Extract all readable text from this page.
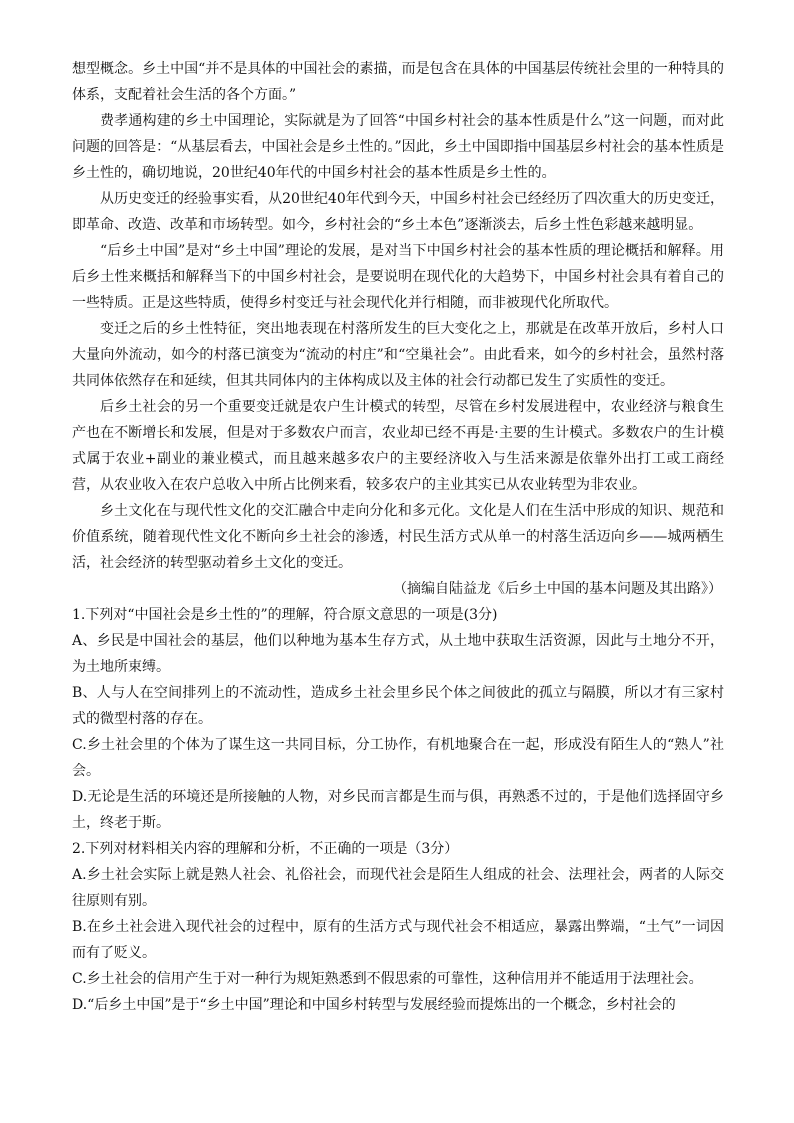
想型概念。乡土中国“并不是具体的中国社会的素描，而是包含在具体的中国基层传统社会里的一种特具的体系，支配着社会生活的各个方面。”

费孝通构建的乡土中国理论，实际就是为了回答“中国乡村社会的基本性质是什么”这一问题，而对此问题的回答是：“从基层看去，中国社会是乡土性的。”因此，乡土中国即指中国基层乡村社会的基本性质是乡土性的，确切地说，20世纪40年代的中国乡村社会的基本性质是乡土性的。

从历史变迁的经验事实看，从20世纪40年代到今天，中国乡村社会已经经历了四次重大的历史变迁，即革命、改造、改革和市场转型。如今，乡村社会的“乡土本色”逐渐淡去，后乡土性色彩越来越明显。

“后乡土中国”是对“乡土中国”理论的发展，是对当下中国乡村社会的基本性质的理论概括和解释。用后乡土性来概括和解释当下的中国乡村社会，是要说明在现代化的大趋势下，中国乡村社会具有着自己的一些特质。正是这些特质，使得乡村变迁与社会现代化并行相随，而非被现代化所取代。

变迁之后的乡土性特征，突出地表现在村落所发生的巨大变化之上，那就是在改革开放后，乡村人口大量向外流动，如今的村落已演变为“流动的村庄”和“空巢社会”。由此看来，如今的乡村社会，虽然村落共同体依然存在和延续，但其共同体内的主体构成以及主体的社会行动都已发生了实质性的变迁。

后乡土社会的另一个重要变迁就是农户生计模式的转型，尽管在乡村发展进程中，农业经济与粮食生产也在不断增长和发展，但是对于多数农户而言，农业却已经不再是·主要的生计模式。多数农户的生计模式属于农业+副业的兼业模式，而且越来越多农户的主要经济收入与生活来源是依靠外出打工或工商经营，从农业收入在农户总收入中所占比例来看，较多农户的主业其实已从农业转型为非农业。

乡土文化在与现代性文化的交汇融合中走向分化和多元化。文化是人们在生活中形成的知识、规范和价值系统，随着现代性文化不断向乡土社会的渗透，村民生活方式从单一的村落生活迈向乡——城两栖生活，社会经济的转型驱动着乡土文化的变迁。

（摘编自陆益龙《后乡土中国的基本问题及其出路》）

1.下列对“中国社会是乡土性的”的理解，符合原文意思的一项是(3分)

A、乡民是中国社会的基层，他们以种地为基本生存方式，从土地中获取生活资源，因此与土地分不开，为土地所束缚。

B、人与人在空间排列上的不流动性，造成乡土社会里乡民个体之间彼此的孤立与隔膜，所以才有三家村式的微型村落的存在。

C.乡土社会里的个体为了谋生这一共同目标，分工协作，有机地聚合在一起，形成没有陌生人的“熟人”社会。

D.无论是生活的环境还是所接触的人物，对乡民而言都是生而与俱，再熟悉不过的，于是他们选择固守乡土，终老于斯。

2.下列对材料相关内容的理解和分析，不正确的一项是（3分）

A.乡土社会实际上就是熟人社会、礼俗社会，而现代社会是陌生人组成的社会、法理社会，两者的人际交往原则有别。

B.在乡土社会进入现代社会的过程中，原有的生活方式与现代社会不相适应，暴露出弊端，“土气”一词因而有了贬义。

C.乡土社会的信用产生于对一种行为规矩熟悉到不假思索的可靠性，这种信用并不能适用于法理社会。

D.“后乡土中国”是于“乡土中国”理论和中国乡村转型与发展经验而提炼出的一个概念，乡村社会的
